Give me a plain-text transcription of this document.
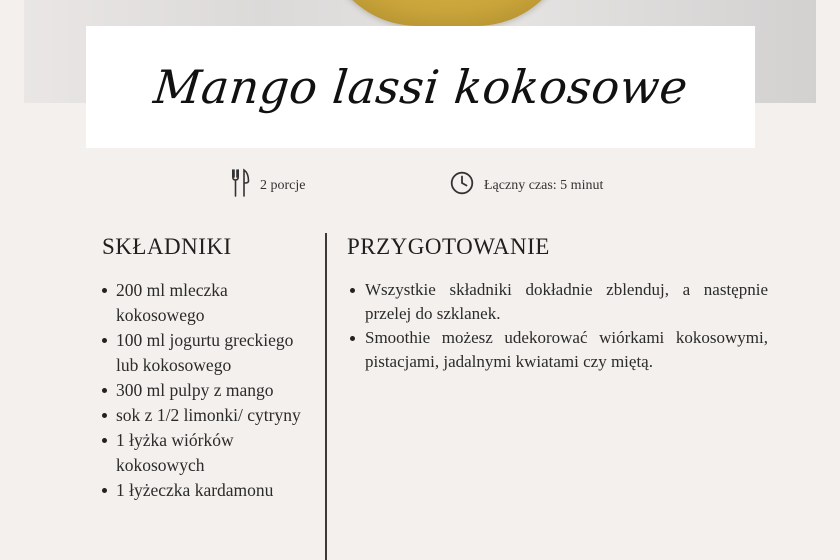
Mango lassi kokosowe
2 porcje	Łączny czas: 5 minut
SKŁADNIKI	PRZYGOTOWANIE
200 ml mleczka kokosowego
100 ml jogurtu greckiego lub kokosowego
300 ml pulpy z mango
sok z 1/2 limonki/ cytryny
1 łyżka wiórków kokosowych
1 łyżeczka kardamonu
Wszystkie składniki dokładnie zblenduj, a następnie przelej do szklanek.
Smoothie możesz udekorować wiórkami kokosowymi, pistacjami, jadalnymi kwiatami czy miętą.
